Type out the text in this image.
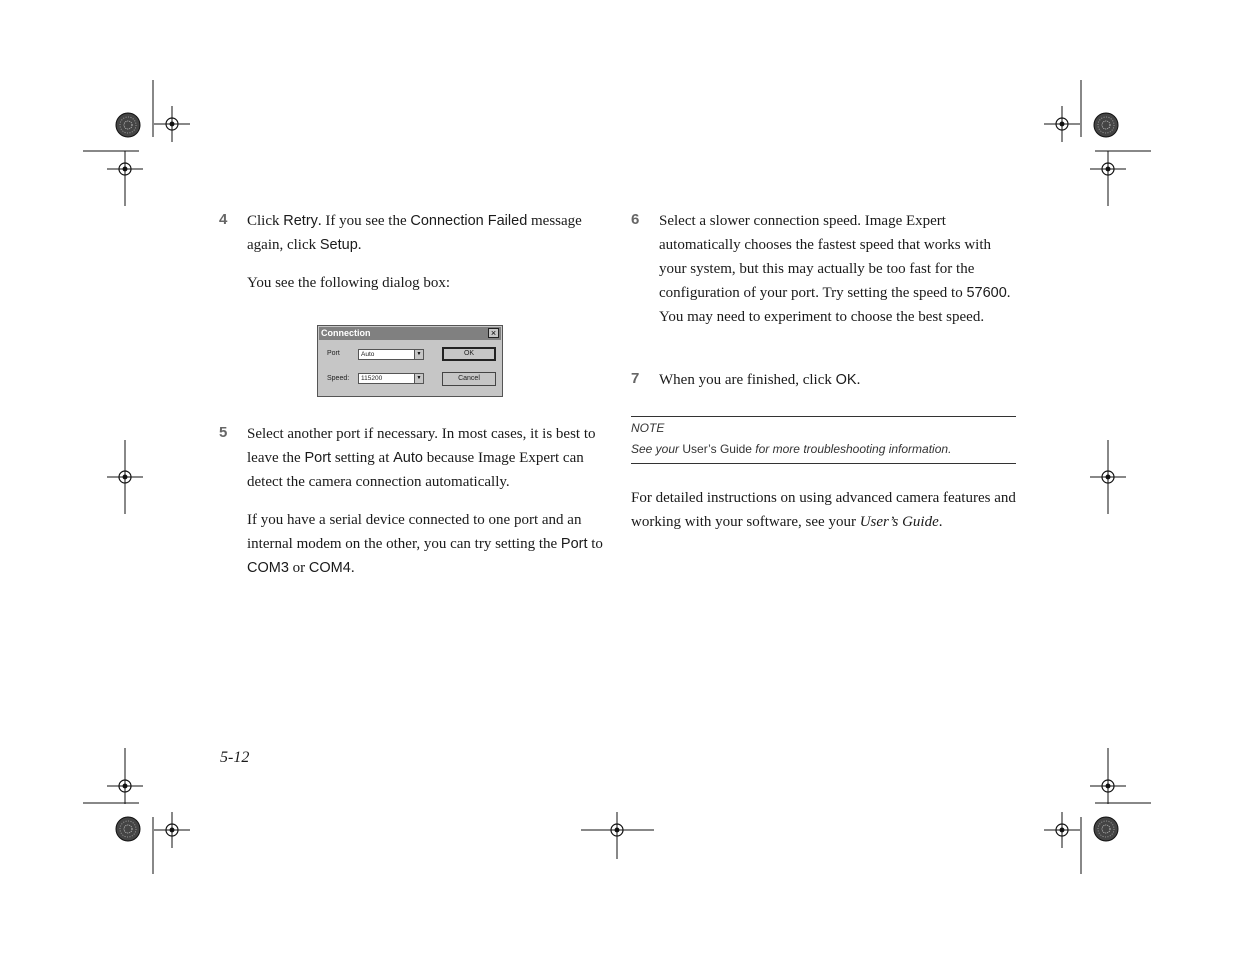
4 Click Retry. If you see the Connection Failed message again, click Setup.

You see the following dialog box:

Connection	×
Port	Auto	▼
Speed: 115200	▼
OK
Cancel
5 Select another port if necessary. In most cases, it is best to leave the Port setting at Auto because Image Expert can detect the camera connection automatically.

If you have a serial device connected to one port and an internal modem on the other, you can try setting the Port to COM3 or COM4.

6 Select a slower connection speed. Image Expert automatically chooses the fastest speed that works with your system, but this may actually be too fast for the configuration of your port. Try setting the speed to 57600. You may need to experiment to choose the best speed.

7 When you are finished, click OK.

NOTE
See your User’s Guide for more troubleshooting information.
For detailed instructions on using advanced camera features and working with your software, see your User’s Guide.
5-12
